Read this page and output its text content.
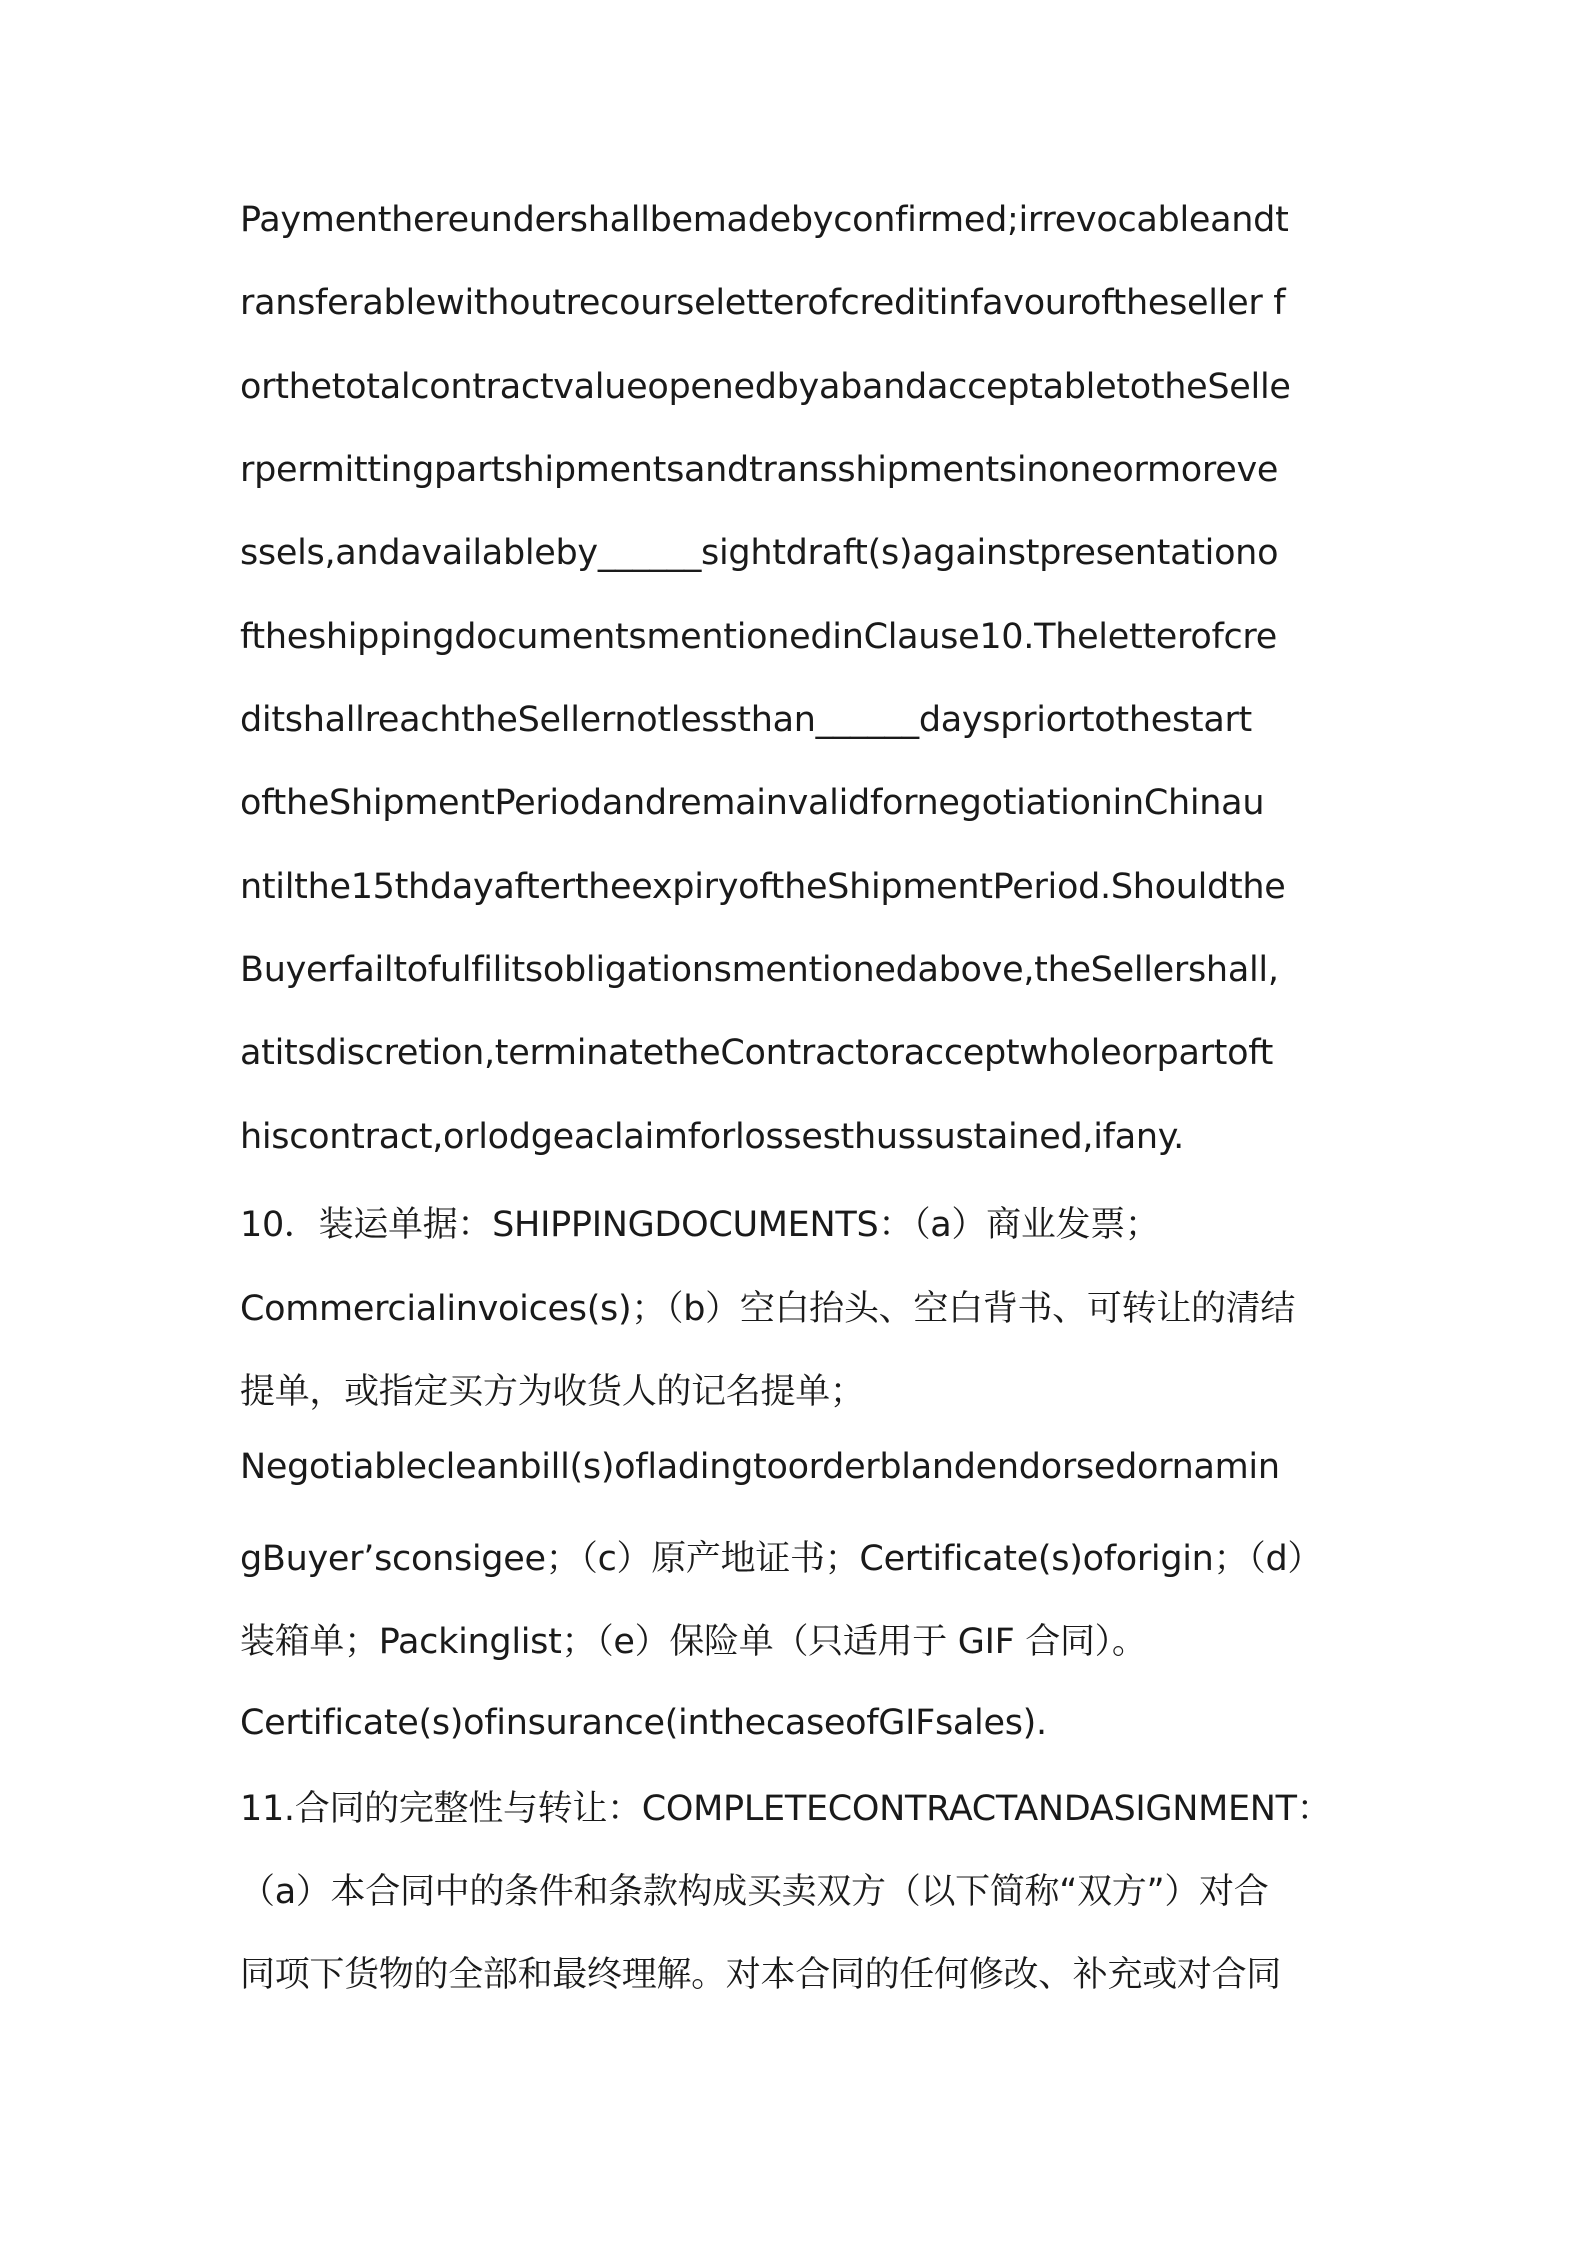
Paymenthereundershallbemadebyconfirmed;irrevocableandt
ransferablewithoutrecourseletterofcreditinfavouroftheseller f
orthetotalcontractvalueopenedbyabandacceptabletotheSelle
rpermittingpartshipmentsandtransshipmentsinoneormoreve
ssels,andavailableby______sightdraft(s)againstpresentationo
ftheshippingdocumentsmentionedinClause10.Theletterofcre
ditshallreachtheSellernotlessthan______dayspriortothestart
oftheShipmentPeriodandremainvalidfornegotiationinChinau
ntilthe15thdayaftertheexpiryoftheShipmentPeriod.Shouldthe
Buyerfailtofulfilitsobligationsmentionedabove,theSellershall,
atitsdiscretion,terminatetheContractoracceptwholeorpartoft
hiscontract,orlodgeaclaimforlossesthussustained,ifany.
10．装运单据：SHIPPINGDOCUMENTS：（a）商业发票；
Commercialinvoices(s)；（b）空白抬头、空白背书、可转让的清结
提单，或指定买方为收货人的记名提单；
Negotiablecleanbill(s)ofladingtoorderblandendorsedornamin
gBuyer’sconsigee；（c）原产地证书；Certificate(s)oforigin；（d）
装箱单；Packinglist；（e）保险单（只适用于 GIF 合同）。
Certificate(s)ofinsurance(inthecaseofGIFsales).
11.合同的完整性与转让：COMPLETECONTRACTANDASIGNMENT：
（a）本合同中的条件和条款构成买卖双方（以下简称“双方”）对合
同项下货物的全部和最终理解。对本合同的任何修改、补充或对合同
